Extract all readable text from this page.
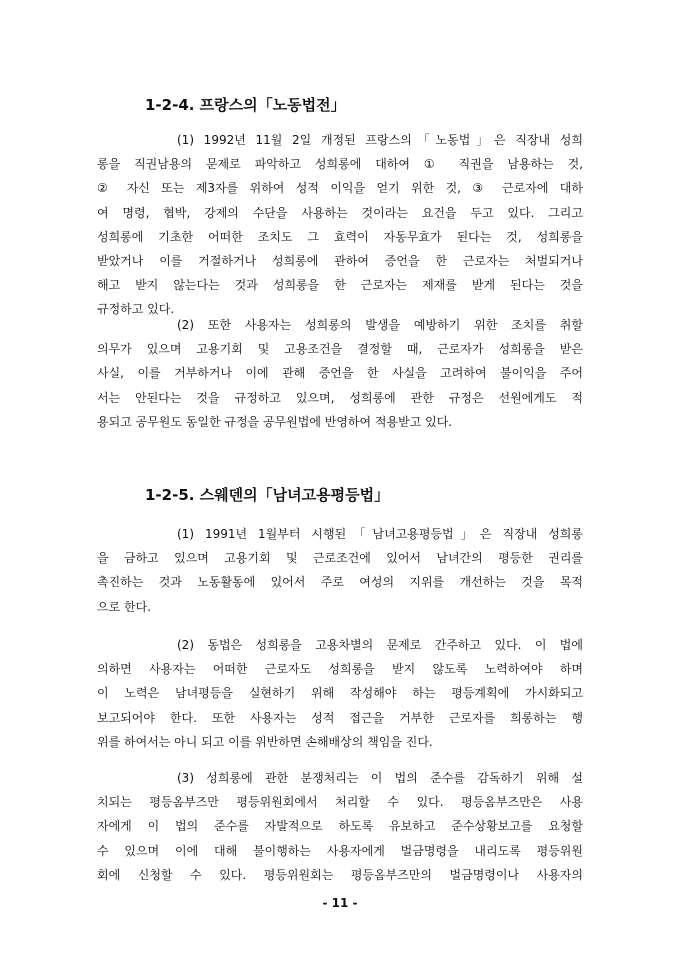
1-2-4. 프랑스의「노동법전」
(1) 1992년 11월 2일 개정된 프랑스의「노동법」은 직장내 성희
롱을 직권남용의 문제로 파악하고 성희롱에 대하여 ① 직권을 남용하는 것,
② 자신 또는 제3자를 위하여 성적 이익을 얻기 위한 것, ③ 근로자에 대하
여 명령, 협박, 강제의 수단을 사용하는 것이라는 요건을 두고 있다. 그리고
성희롱에 기초한 어떠한 조치도 그 효력이 자동무효가 된다는 것, 성희롱을
받았거나 이를 거절하거나 성희롱에 관하여 증언을 한 근로자는 처벌되거나
해고 받지 않는다는 것과 성희롱을 한 근로자는 제재를 받게 된다는 것을
규정하고 있다.
(2) 또한 사용자는 성희롱의 발생을 예방하기 위한 조치를 취할
의무가 있으며 고용기회 및 고용조건을 결정할 때, 근로자가 성희롱을 받은
사실, 이를 거부하거나 이에 관해 증언을 한 사실을 고려하여 불이익을 주어
서는 안된다는 것을 규정하고 있으며, 성희롱에 관한 규정은 선원에게도 적
용되고 공무원도 동일한 규정을 공무원법에 반영하여 적용받고 있다.
1-2-5. 스웨덴의「남녀고용평등법」
(1) 1991년 1월부터 시행된「남녀고용평등법」은 직장내 성희롱
을 금하고 있으며 고용기회 및 근로조건에 있어서 남녀간의 평등한 권리를
촉진하는 것과 노동활동에 있어서 주로 여성의 지위를 개선하는 것을 목적
으로 한다.
(2) 동법은 성희롱을 고용차별의 문제로 간주하고 있다. 이 법에
의하면 사용자는 어떠한 근로자도 성희롱을 받지 않도록 노력하여야 하며
이 노력은 남녀평등을 실현하기 위해 작성해야 하는 평등계획에 가시화되고
보고되어야 한다. 또한 사용자는 성적 접근을 거부한 근로자를 희롱하는 행
위를 하여서는 아니 되고 이를 위반하면 손해배상의 책임을 진다.
(3) 성희롱에 관한 분쟁처리는 이 법의 준수를 감독하기 위해 설
치되는 평등옴부즈만 평등위원회에서 처리할 수 있다. 평등옴부즈만은 사용
자에게 이 법의 준수를 자발적으로 하도록 유보하고 준수상황보고를 요청할
수 있으며 이에 대해 불이행하는 사용자에게 벌금명령을 내리도록 평등위원
회에 신청할 수 있다. 평등위원회는 평등옴부즈만의 벌금명령이나 사용자의

- 11 -
